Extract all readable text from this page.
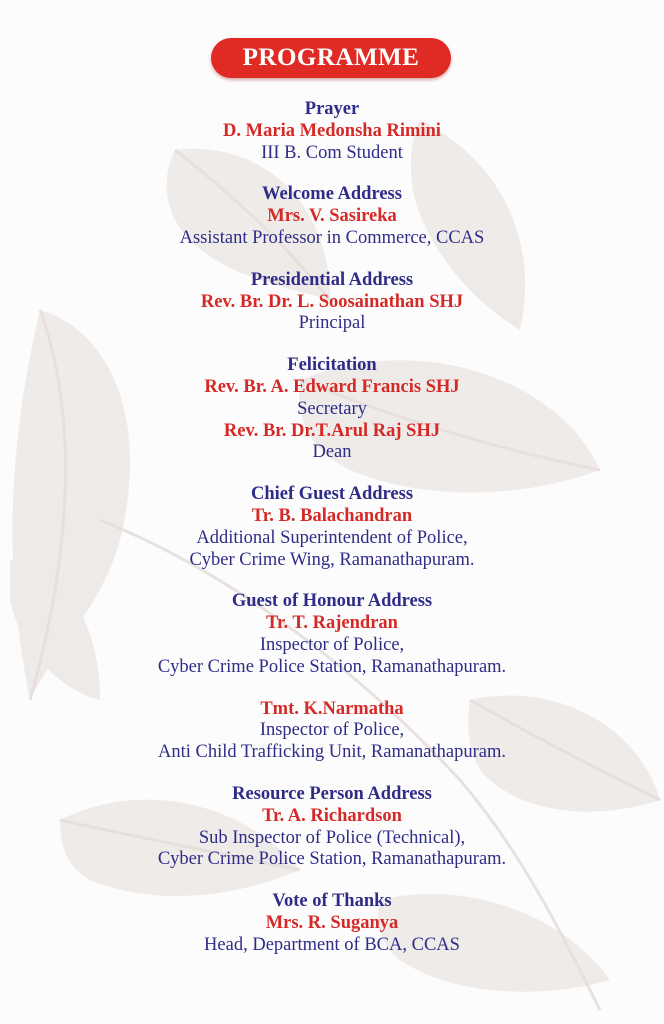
PROGRAMME
Prayer
D. Maria Medonsha Rimini
III B. Com Student
Welcome Address
Mrs. V. Sasireka
Assistant Professor in Commerce, CCAS
Presidential Address
Rev. Br. Dr. L. Soosainathan SHJ
Principal
Felicitation
Rev. Br. A. Edward Francis SHJ
Secretary
Rev. Br. Dr.T.Arul Raj SHJ
Dean
Chief Guest Address
Tr. B. Balachandran
Additional Superintendent of Police,
Cyber Crime Wing, Ramanathapuram.
Guest of Honour Address
Tr. T. Rajendran
Inspector of Police,
Cyber Crime Police Station, Ramanathapuram.
Tmt. K.Narmatha
Inspector of Police,
Anti Child Trafficking Unit, Ramanathapuram.
Resource Person Address
Tr. A. Richardson
Sub Inspector of Police (Technical),
Cyber Crime Police Station, Ramanathapuram.
Vote of Thanks
Mrs. R. Suganya
Head, Department of BCA, CCAS
